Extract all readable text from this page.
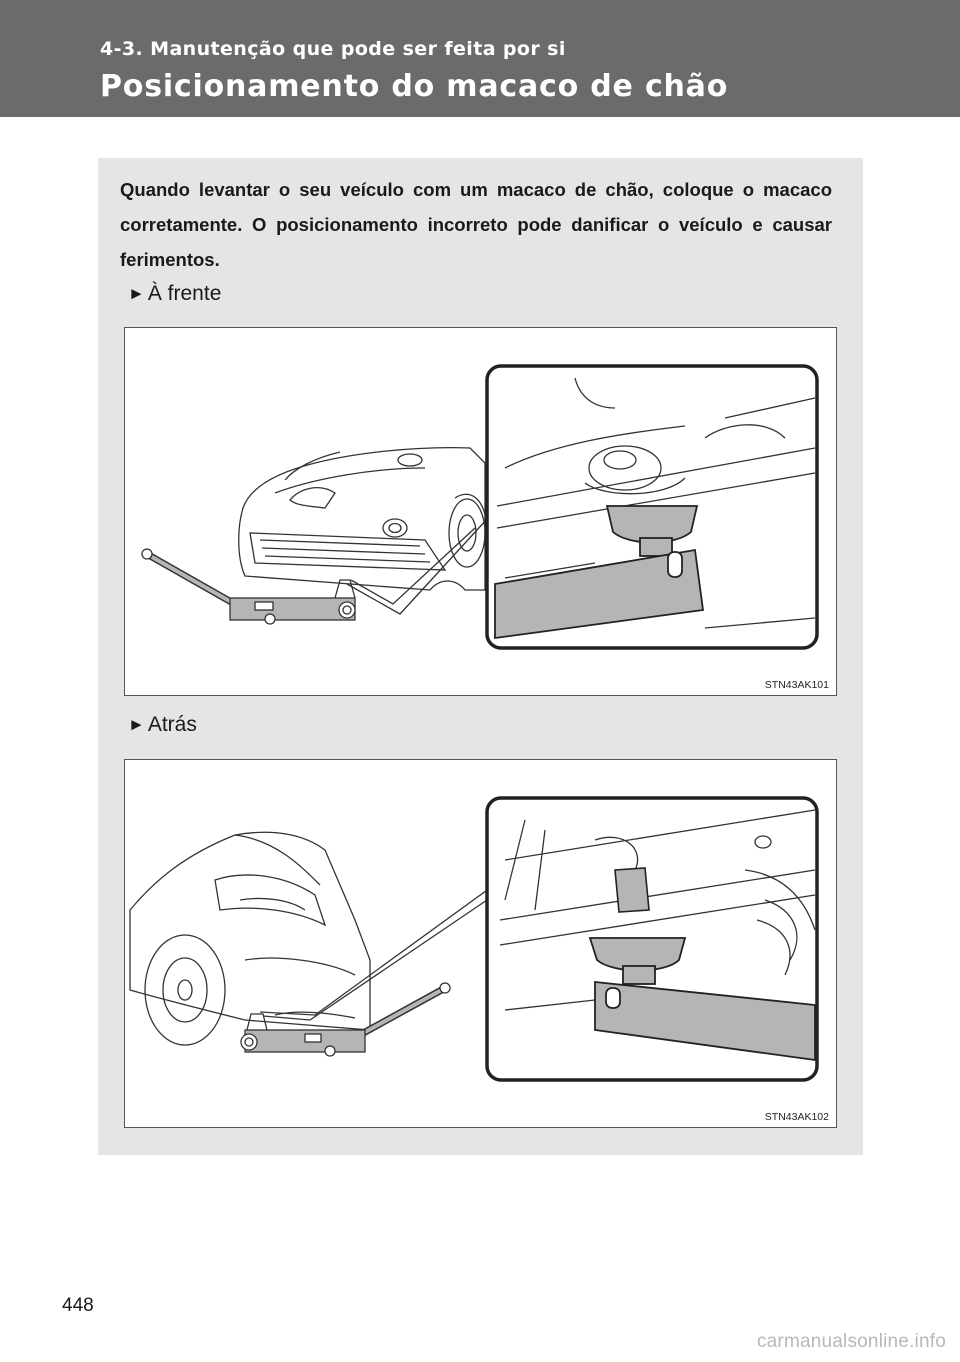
4-3. Manutenção que pode ser feita por si
Posicionamento do macaco de chão

Quando levantar o seu veículo com um macaco de chão, coloque o macaco corretamente. O posicionamento incorreto pode danificar o veículo e causar ferimentos.

► À frente
STN43AK101
► Atrás
STN43AK102
448
carmanualsonline.info
